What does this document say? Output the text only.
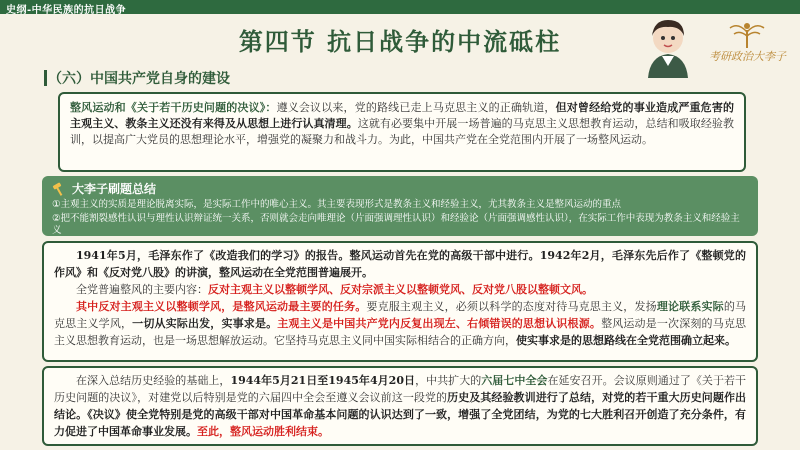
史纲-中华民族的抗日战争
第四节 抗日战争的中流砥柱
考研政治大李子
（六）中国共产党自身的建设
整风运动和《关于若干历史问题的决议》：遵义会议以来，党的路线已走上马克思主义的正确轨道，但对曾经给党的事业造成严重危害的主观主义、教条主义还没有来得及从思想上进行认真清理。这就有必要集中开展一场普遍的马克思主义思想教育运动，总结和吸取经验教训，以提高广大党员的思想理论水平，增强党的凝聚力和战斗力。为此，中国共产党在全党范围内开展了一场整风运动。
大李子刷题总结
①主观主义的实质是理论脱离实际，是实际工作中的唯心主义。其主要表现形式是教条主义和经验主义，尤其教条主义是整风运动的重点
②把不能割裂感性认识与理性认识辩证统一关系，否则就会走向唯理论（片面强调理性认识）和经验论（片面强调感性认识），在实际工作中表现为教条主义和经验主义

1941年5月，毛泽东作了《改造我们的学习》的报告。整风运动首先在党的高级干部中进行。1942年2月，毛泽东先后作了《整顿党的作风》和《反对党八股》的讲演，整风运动在全党范围普遍展开。

全党普遍整风的主要内容：反对主观主义以整顿学风、反对宗派主义以整顿党风、反对党八股以整顿文风。

其中反对主观主义以整顿学风，是整风运动最主要的任务。要克服主观主义，必须以科学的态度对待马克思主义，发扬理论联系实际的马克思主义学风，一切从实际出发，实事求是。主观主义是中国共产党内反复出现左、右倾错误的思想认识根源。整风运动是一次深刻的马克思主义思想教育运动，也是一场思想解放运动。它坚持马克思主义同中国实际相结合的正确方向，使实事求是的思想路线在全党范围确立起来。

在深入总结历史经验的基础上，1944年5月21日至1945年4月20日，中共扩大的六届七中全会在延安召开。会议原则通过了《关于若干历史问题的决议》，对建党以后特别是党的六届四中全会至遵义会议前这一段党的历史及其经验教训进行了总结，对党的若干重大历史问题作出结论。《决议》使全党特别是党的高级干部对中国革命基本问题的认识达到了一致，增强了全党团结，为党的七大胜利召开创造了充分条件，有力促进了中国革命事业发展。至此，整风运动胜利结束。
